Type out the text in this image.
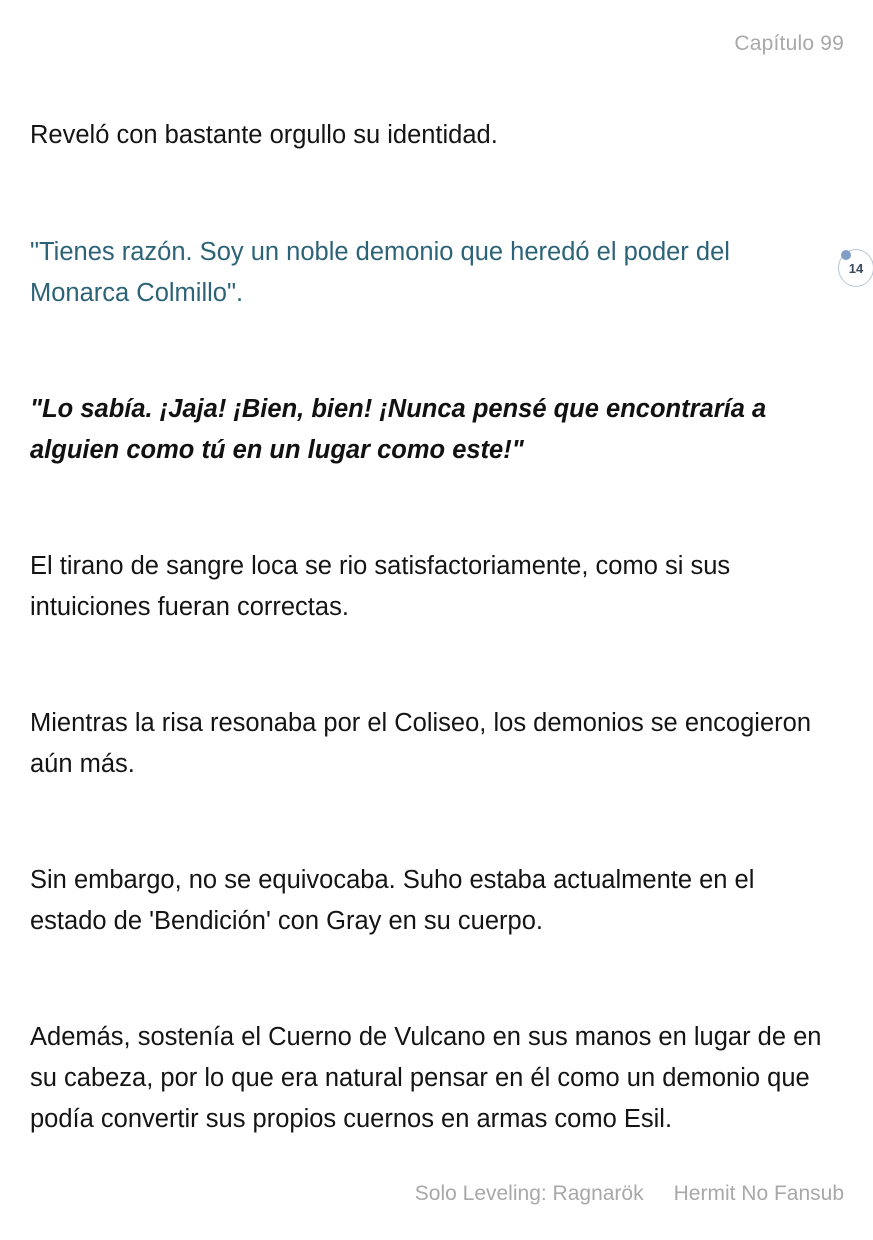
Capítulo 99

Reveló con bastante orgullo su identidad.

"Tienes razón. Soy un noble demonio que heredó el poder del Monarca Colmillo".

"Lo sabía. ¡Jaja! ¡Bien, bien! ¡Nunca pensé que encontraría a alguien como tú en un lugar como este!"

El tirano de sangre loca se rio satisfactoriamente, como si sus intuiciones fueran correctas.

Mientras la risa resonaba por el Coliseo, los demonios se encogieron aún más.

Sin embargo, no se equivocaba. Suho estaba actualmente en el estado de 'Bendición' con Gray en su cuerpo.

Además, sostenía el Cuerno de Vulcano en sus manos en lugar de en su cabeza, por lo que era natural pensar en él como un demonio que podía convertir sus propios cuernos en armas como Esil.

14
Solo Leveling: Ragnarök Hermit No Fansub
